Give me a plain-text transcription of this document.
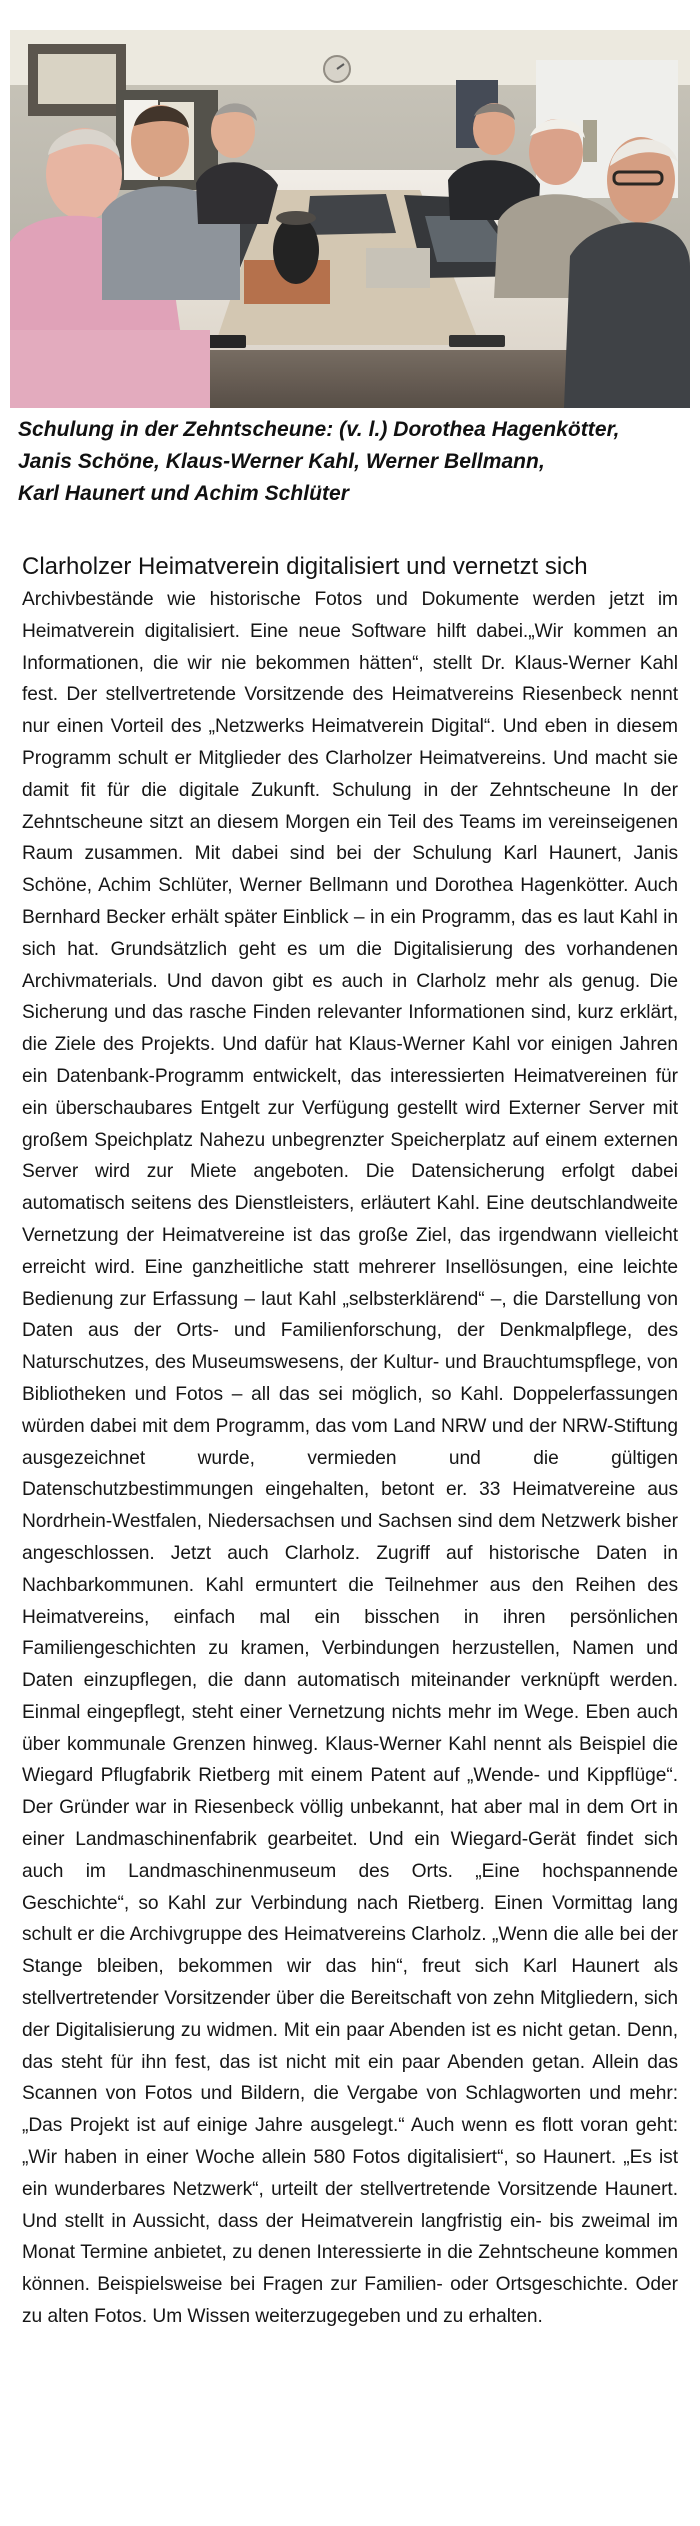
Schulung in der Zehntscheune: (v. l.) Dorothea Hagenkötter,
Janis Schöne, Klaus-Werner Kahl, Werner Bellmann,
Karl Haunert und Achim Schlüter
Clarholzer Heimatverein digitalisiert und vernetzt sich

Archivbestände wie historische Fotos und Dokumente werden jetzt im Heimatverein digitalisiert. Eine neue Software hilft dabei.„Wir kommen an Informationen, die wir nie bekommen hätten“, stellt Dr. Klaus-Werner Kahl fest. Der stellvertretende Vorsitzende des Heimatvereins Riesenbeck nennt nur einen Vorteil des „Netzwerks Heimatverein Digital“. Und eben in diesem Programm schult er Mitglieder des Clarholzer Heimatvereins. Und macht sie damit fit für die digitale Zukunft. Schulung in der Zehntscheune In der Zehntscheune sitzt an diesem Morgen ein Teil des Teams im vereinseigenen Raum zusammen. Mit dabei sind bei der Schulung Karl Haunert, Janis Schöne, Achim Schlüter, Werner Bellmann und Dorothea Hagenkötter. Auch Bernhard Becker erhält später Einblick – in ein Programm, das es laut Kahl in sich hat. Grundsätzlich geht es um die Digitalisierung des vorhandenen Archivmaterials. Und davon gibt es auch in Clarholz mehr als genug. Die Sicherung und das rasche Finden relevanter Informationen sind, kurz erklärt, die Ziele des Projekts. Und dafür hat Klaus-Werner Kahl vor einigen Jahren ein Datenbank-Programm entwickelt, das interessierten Heimatvereinen für ein überschaubares Entgelt zur Verfügung gestellt wird Externer Server mit großem Speichplatz Nahezu unbegrenzter Speicherplatz auf einem externen Server wird zur Miete angeboten. Die Datensicherung erfolgt dabei automatisch seitens des Dienstleisters, erläutert Kahl. Eine deutschlandweite Vernetzung der Heimatvereine ist das große Ziel, das irgendwann vielleicht erreicht wird. Eine ganzheitliche statt mehrerer Insellösungen, eine leichte Bedienung zur Erfassung – laut Kahl „selbsterklärend“ –, die Darstellung von Daten aus der Orts- und Familienforschung, der Denkmalpflege, des Naturschutzes, des Museumswesens, der Kultur- und Brauchtumspflege, von Bibliotheken und Fotos – all das sei möglich, so Kahl. Doppelerfassungen würden dabei mit dem Programm, das vom Land NRW und der NRW-Stiftung ausgezeichnet wurde, vermieden und die gültigen Datenschutzbestimmungen eingehalten, betont er. 33 Heimatvereine aus Nordrhein-Westfalen, Niedersachsen und Sachsen sind dem Netzwerk bisher angeschlossen. Jetzt auch Clarholz. Zugriff auf historische Daten in Nachbarkommunen. Kahl ermuntert die Teilnehmer aus den Reihen des Heimatvereins, einfach mal ein bisschen in ihren persönlichen Familiengeschichten zu kramen, Verbindungen herzustellen, Namen und Daten einzupflegen, die dann automatisch miteinander verknüpft werden. Einmal eingepflegt, steht einer Vernetzung nichts mehr im Wege. Eben auch über kommunale Grenzen hinweg. Klaus-Werner Kahl nennt als Beispiel die Wiegard Pflugfabrik Rietberg mit einem Patent auf „Wende- und Kippflüge“. Der Gründer war in Riesenbeck völlig unbekannt, hat aber mal in dem Ort in einer Landmaschinenfabrik gearbeitet. Und ein Wiegard-Gerät findet sich auch im Landmaschinenmuseum des Orts. „Eine hochspannende Geschichte“, so Kahl zur Verbindung nach Rietberg. Einen Vormittag lang schult er die Archivgruppe des Heimatvereins Clarholz. „Wenn die alle bei der Stange bleiben, bekommen wir das hin“, freut sich Karl Haunert als stellvertretender Vorsitzender über die Bereitschaft von zehn Mitgliedern, sich der Digitalisierung zu widmen. Mit ein paar Abenden ist es nicht getan. Denn, das steht für ihn fest, das ist nicht mit ein paar Abenden getan. Allein das Scannen von Fotos und Bildern, die Vergabe von Schlagworten und mehr: „Das Projekt ist auf einige Jahre ausgelegt.“ Auch wenn es flott voran geht: „Wir haben in einer Woche allein 580 Fotos digitalisiert“, so Haunert. „Es ist ein wunderbares Netzwerk“, urteilt der stellvertretende Vorsitzende Haunert. Und stellt in Aussicht, dass der Heimatverein langfristig ein- bis zweimal im Monat Termine anbietet, zu denen Interessierte in die Zehntscheune kommen können. Beispielsweise bei Fragen zur Familien- oder Ortsgeschichte. Oder zu alten Fotos. Um Wissen weiterzugegeben und zu erhalten.
